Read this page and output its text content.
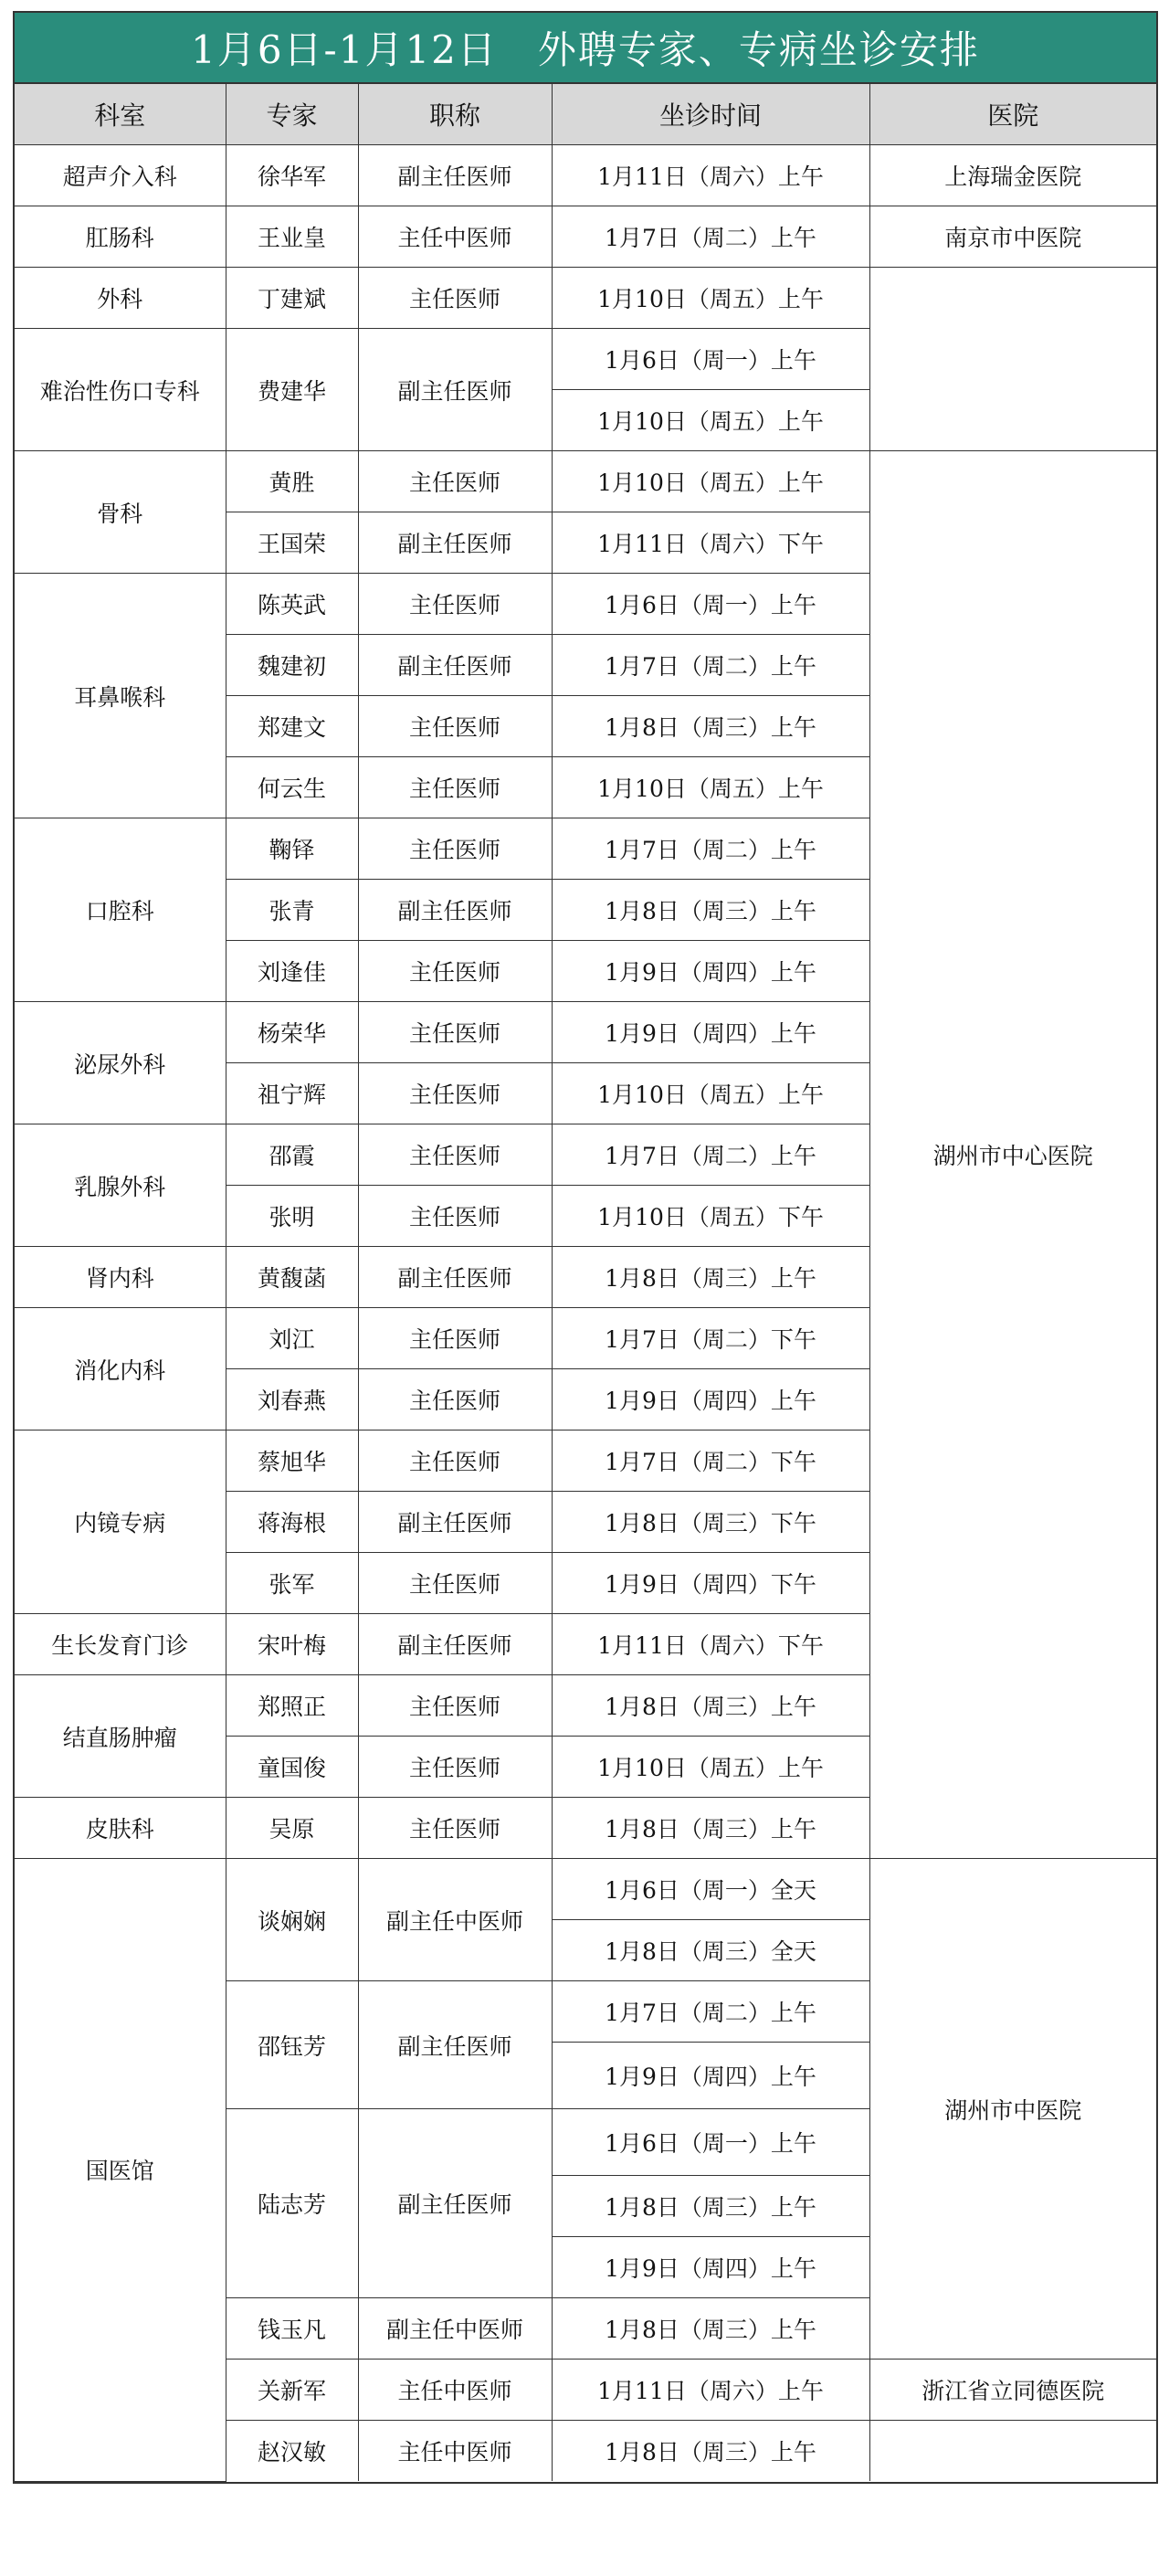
1月6日-1月12日　外聘专家、专病坐诊安排
科室	专家	职称	坐诊时间	医院
超声介入科	徐华军	副主任医师	1月11日（周六）上午	上海瑞金医院
肛肠科	王业皇	主任中医师	1月7日（周二）上午	南京市中医院
外科	丁建斌	主任医师	1月10日（周五）上午	
难治性伤口专科	费建华	副主任医师	1月6日（周一）上午	
			1月10日（周五）上午	
骨科	黄胜	主任医师	1月10日（周五）上午	湖州市中心医院
	王国荣	副主任医师	1月11日（周六）下午	
耳鼻喉科	陈英武	主任医师	1月6日（周一）上午	
	魏建初	副主任医师	1月7日（周二）上午	
	郑建文	主任医师	1月8日（周三）上午	
	何云生	主任医师	1月10日（周五）上午	
口腔科	鞠铎	主任医师	1月7日（周二）上午	
	张青	副主任医师	1月8日（周三）上午	
	刘逢佳	主任医师	1月9日（周四）上午	
泌尿外科	杨荣华	主任医师	1月9日（周四）上午	
	祖宁辉	主任医师	1月10日（周五）上午	
乳腺外科	邵霞	主任医师	1月7日（周二）上午	
	张明	主任医师	1月10日（周五）下午	
肾内科	黄馥菡	副主任医师	1月8日（周三）上午	
消化内科	刘江	主任医师	1月7日（周二）下午	
	刘春燕	主任医师	1月9日（周四）上午	
内镜专病	蔡旭华	主任医师	1月7日（周二）下午	
	蒋海根	副主任医师	1月8日（周三）下午	
	张军	主任医师	1月9日（周四）下午	
生长发育门诊	宋叶梅	副主任医师	1月11日（周六）下午	
结直肠肿瘤	郑照正	主任医师	1月8日（周三）上午	
	童国俊	主任医师	1月10日（周五）上午	
皮肤科	吴原	主任医师	1月8日（周三）上午	
国医馆	谈娴娴	副主任中医师	1月6日（周一）全天	湖州市中医院
			1月8日（周三）全天	
	邵钰芳	副主任医师	1月7日（周二）上午	
			1月9日（周四）上午	
	陆志芳	副主任医师	1月6日（周一）上午	
			1月8日（周三）上午	
			1月9日（周四）上午	
	钱玉凡	副主任中医师	1月8日（周三）上午	
	关新军	主任中医师	1月11日（周六）上午	浙江省立同德医院
	赵汉敏	主任中医师	1月8日（周三）上午	
